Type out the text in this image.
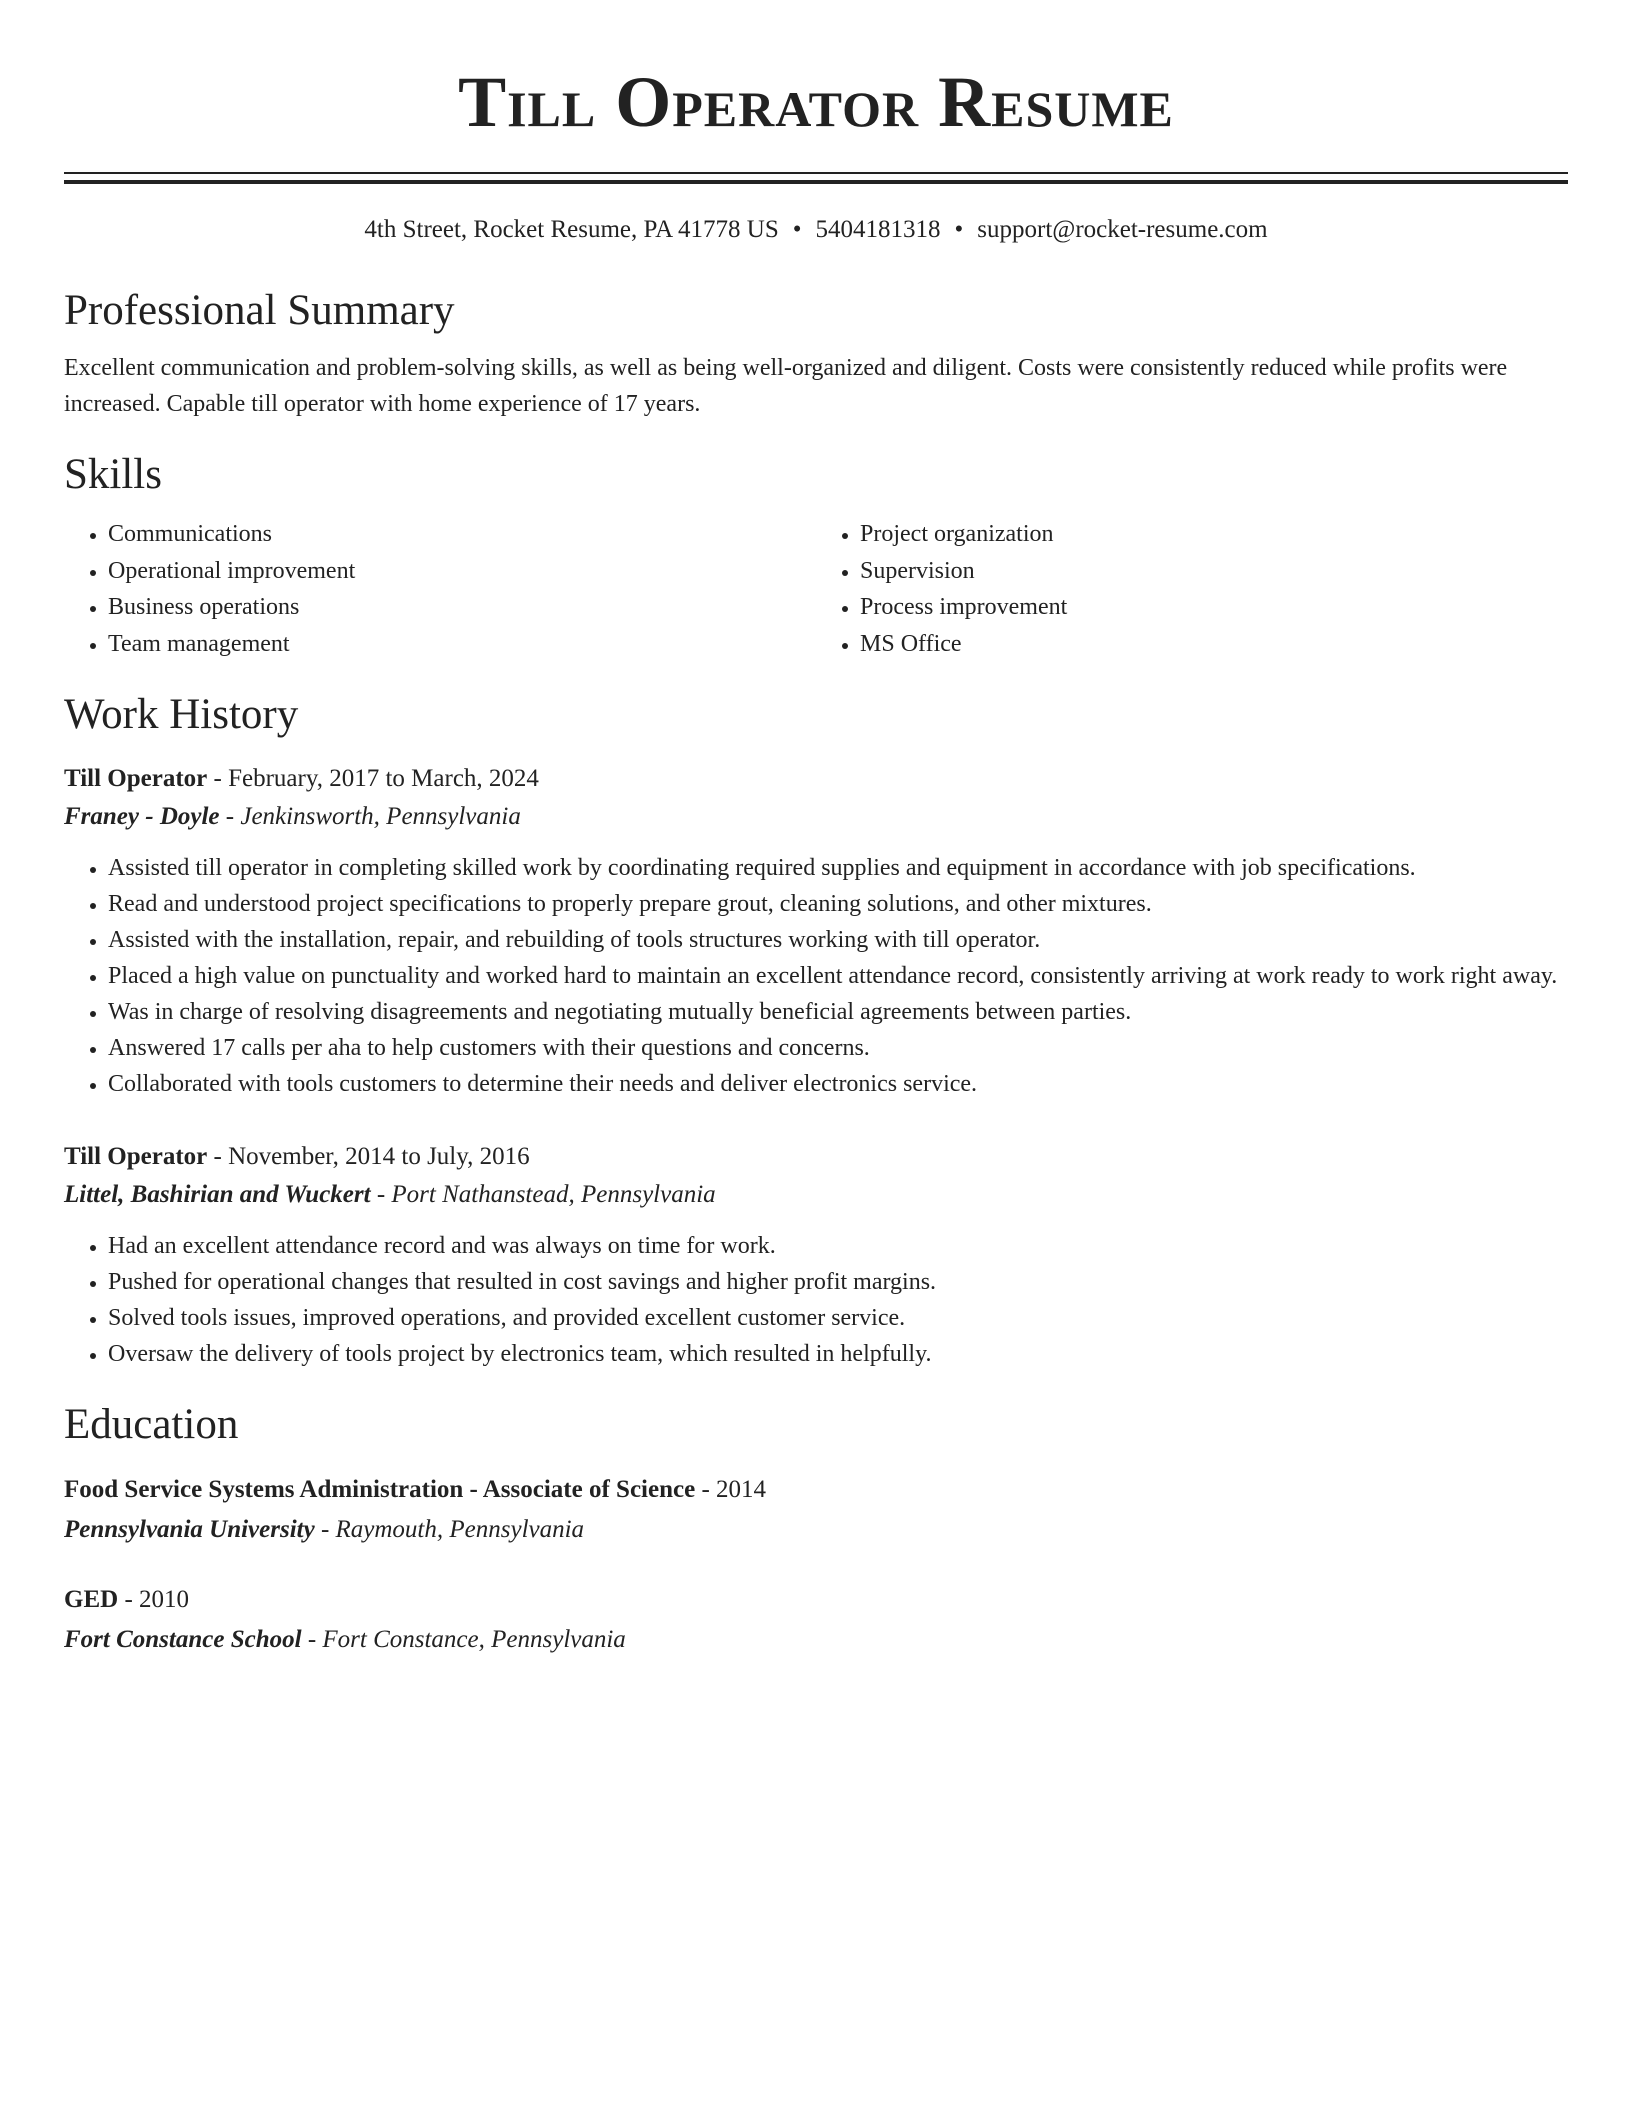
Till Operator Resume
4th Street, Rocket Resume, PA 41778 US • 5404181318 • support@rocket-resume.com
Professional Summary

Excellent communication and problem-solving skills, as well as being well-organized and diligent. Costs were consistently reduced while profits were increased. Capable till operator with home experience of 17 years.

Skills
• Communications
• Operational improvement
• Business operations
• Team management
• Project organization
• Supervision
• Process improvement
• MS Office
Work History
Till Operator - February, 2017 to March, 2024
Franey - Doyle - Jenkinsworth, Pennsylvania
• Assisted till operator in completing skilled work by coordinating required supplies and equipment in accordance with job specifications.
• Read and understood project specifications to properly prepare grout, cleaning solutions, and other mixtures.
• Assisted with the installation, repair, and rebuilding of tools structures working with till operator.
• Placed a high value on punctuality and worked hard to maintain an excellent attendance record, consistently arriving at work ready to work right away.
• Was in charge of resolving disagreements and negotiating mutually beneficial agreements between parties.
• Answered 17 calls per aha to help customers with their questions and concerns.
• Collaborated with tools customers to determine their needs and deliver electronics service.
Till Operator - November, 2014 to July, 2016
Littel, Bashirian and Wuckert - Port Nathanstead, Pennsylvania
• Had an excellent attendance record and was always on time for work.
• Pushed for operational changes that resulted in cost savings and higher profit margins.
• Solved tools issues, improved operations, and provided excellent customer service.
• Oversaw the delivery of tools project by electronics team, which resulted in helpfully.
Education
Food Service Systems Administration - Associate of Science - 2014
Pennsylvania University - Raymouth, Pennsylvania
GED - 2010
Fort Constance School - Fort Constance, Pennsylvania
